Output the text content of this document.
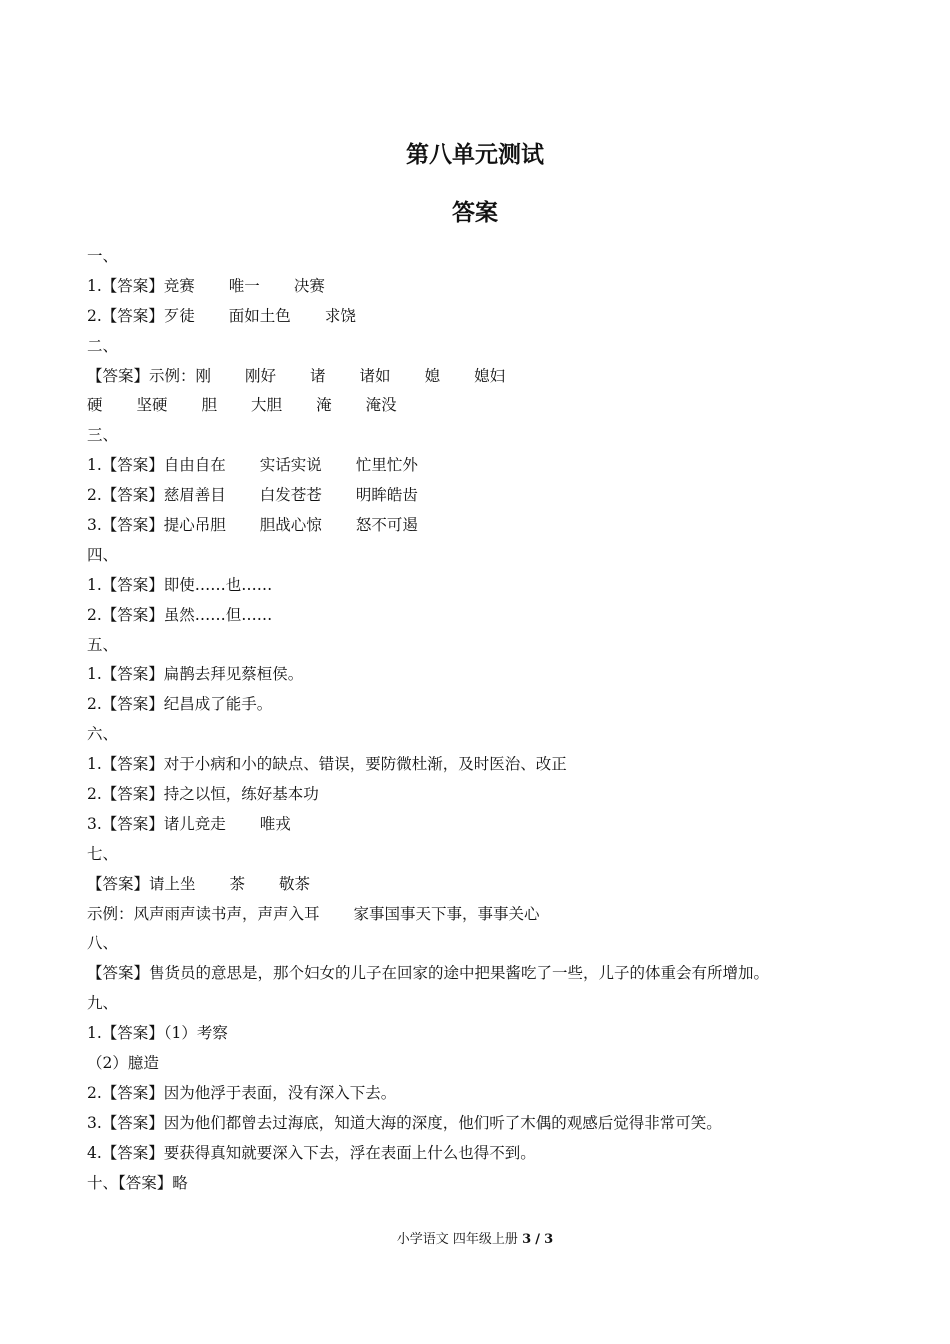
第八单元测试
答案
一、
1.【答案】竞赛 唯一 决赛
2.【答案】歹徒 面如土色 求饶
二、
【答案】示例：刚 刚好 诸 诸如 媳 媳妇
硬 坚硬 胆 大胆 淹 淹没
三、
1.【答案】自由自在 实话实说 忙里忙外
2.【答案】慈眉善目 白发苍苍 明眸皓齿
3.【答案】提心吊胆 胆战心惊 怒不可遏
四、
1.【答案】即使……也……
2.【答案】虽然……但……
五、
1.【答案】扁鹊去拜见蔡桓侯。
2.【答案】纪昌成了能手。
六、
1.【答案】对于小病和小的缺点、错误，要防微杜渐，及时医治、改正
2.【答案】持之以恒，练好基本功
3.【答案】诸儿竞走 唯戎
七、
【答案】请上坐 茶 敬茶
示例：风声雨声读书声，声声入耳 家事国事天下事，事事关心
八、
【答案】售货员的意思是，那个妇女的儿子在回家的途中把果酱吃了一些，儿子的体重会有所增加。
九、
1.【答案】（1）考察
（2）臆造
2.【答案】因为他浮于表面，没有深入下去。
3.【答案】因为他们都曾去过海底，知道大海的深度，他们听了木偶的观感后觉得非常可笑。
4.【答案】要获得真知就要深入下去，浮在表面上什么也得不到。
十、【答案】略
小学语文 四年级上册 3 / 3
